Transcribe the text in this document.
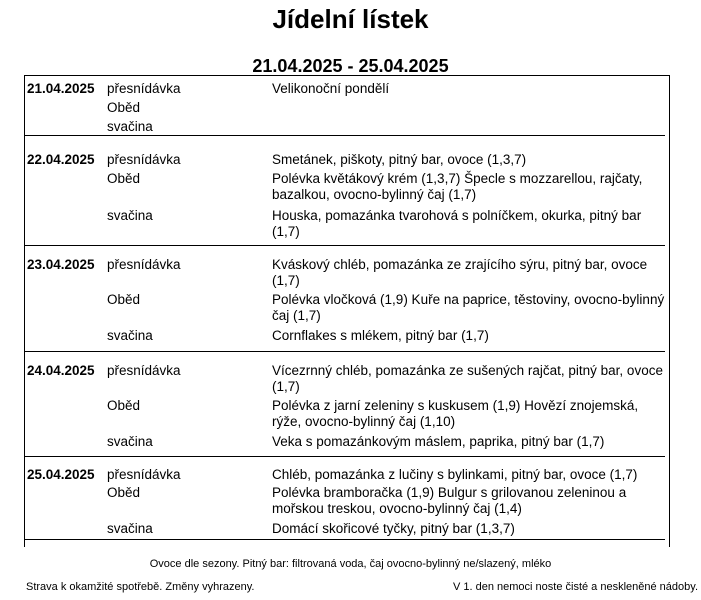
Jídelní lístek
21.04.2025 - 25.04.2025
21.04.2025 přesnídávka	Velikonoční pondělí
Oběd
svačina
22.04.2025 přesnídávka	Smetánek, piškoty, pitný bar, ovoce (1,3,7)
Oběd	Polévka květákový krém (1,3,7) Špecle s mozzarellou, rajčaty, bazalkou, ovocno-bylinný čaj (1,7)
svačina	Houska, pomazánka tvarohová s polníčkem, okurka, pitný bar (1,7)
23.04.2025 přesnídávka	Kváskový chléb, pomazánka ze zrajícího sýru, pitný bar, ovoce (1,7)
Oběd	Polévka vločková (1,9) Kuře na paprice, těstoviny, ovocno-bylinný čaj (1,7)
svačina	Cornflakes s mlékem, pitný bar (1,7)
24.04.2025 přesnídávka	Vícezrnný chléb, pomazánka ze sušených rajčat, pitný bar, ovoce (1,7)
Oběd	Polévka z jarní zeleniny s kuskusem (1,9) Hovězí znojemská, rýže, ovocno-bylinný čaj (1,10)
svačina	Veka s pomazánkovým máslem, paprika, pitný bar (1,7)
25.04.2025 přesnídávka	Chléb, pomazánka z lučiny s bylinkami, pitný bar, ovoce (1,7)
Oběd	Polévka bramboračka (1,9) Bulgur s grilovanou zeleninou a mořskou treskou, ovocno-bylinný čaj (1,4)
svačina	Domácí skořicové tyčky, pitný bar (1,3,7)
Ovoce dle sezony. Pitný bar: filtrovaná voda, čaj ovocno-bylinný ne/slazený, mléko
Strava k okamžité spotřebě. Změny vyhrazeny.	V 1. den nemoci noste čisté a neskleněné nádoby.
